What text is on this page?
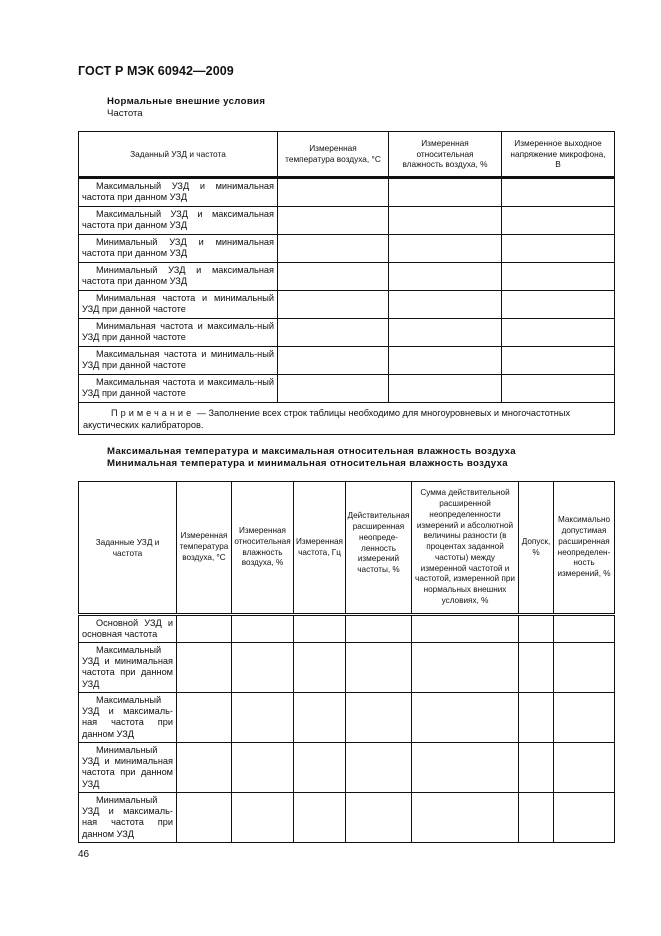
ГОСТ Р МЭК 60942—2009
Нормальные внешние условия
Частота
Заданный УЗД и частота	Измеренная температура воздуха, °С	Измеренная относительная влажность воздуха, %	Измеренное выходное напряжение микрофона, В
Максимальный УЗД и минимальная частота при данном УЗД			
Максимальный УЗД и максимальная частота при данном УЗД			
Минимальный УЗД и минимальная частота при данном УЗД			
Минимальный УЗД и максимальная частота при данном УЗД			
Минимальная частота и минимальный УЗД при данной частоте			
Минимальная частота и максималь-ный УЗД при данной частоте			
Максимальная частота и минималь-ный УЗД при данной частоте			
Максимальная частота и максималь-ный УЗД при данной частоте			
Примечание — Заполнение всех строк таблицы необходимо для многоуровневых и многочастотных акустических калибраторов.			
Максимальная температура и максимальная относительная влажность воздуха
Минимальная температура и минимальная относительная влажность воздуха
Заданные УЗД и частота	Измеренная температура воздуха, °С	Измеренная относительная влажность воздуха, %	Измеренная частота, Гц	Действительная расширенная неопреде-ленность измерений частоты, %	Сумма действительной расширенной неопределенности измерений и абсолютной величины разности (в процентах заданной частоты) между измеренной частотой и частотой, измеренной при нормальных внешних условиях, %	Допуск, %	Максимально допустимая расширенная неопределен-ность измерений, %
Основной УЗД и основная частота							
Максимальный УЗД и минимальная частота при данном УЗД							
Максимальный УЗД и максималь-ная частота при данном УЗД							
Минимальный УЗД и минимальная частота при данном УЗД							
Минимальный УЗД и максималь-ная частота при данном УЗД							
46
